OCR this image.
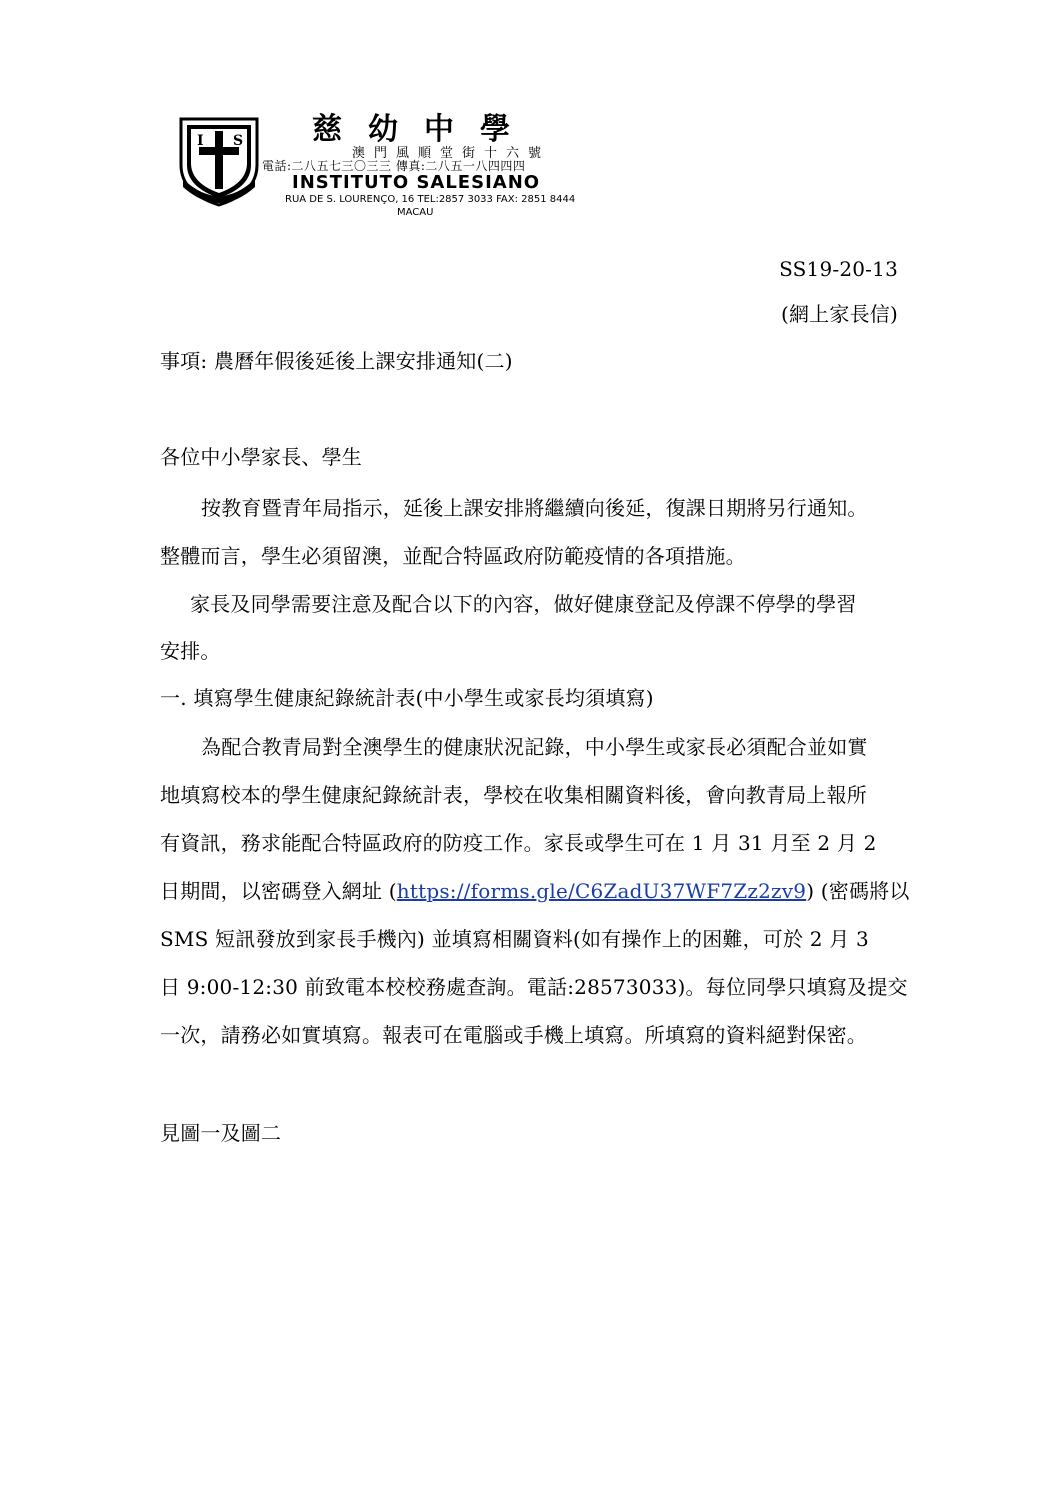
I S 慈幼中學
澳門風順堂街十六號
電話:二八五七三〇三三 傳真:二八五一八四四四
INSTITUTO SALESIANO
RUA DE S. LOURENÇO, 16 TEL:2857 3033 FAX: 2851 8444
MACAU
SS19-20-13
(網上家長信)
事項: 農曆年假後延後上課安排通知(二)
各位中小學家長、學生
按教育暨青年局指示，延後上課安排將繼續向後延，復課日期將另行通知。
整體而言，學生必須留澳，並配合特區政府防範疫情的各項措施。
家長及同學需要注意及配合以下的內容，做好健康登記及停課不停學的學習
安排。
一. 填寫學生健康紀錄統計表(中小學生或家長均須填寫)
為配合教青局對全澳學生的健康狀況記錄，中小學生或家長必須配合並如實
地填寫校本的學生健康紀錄統計表，學校在收集相關資料後，會向教青局上報所
有資訊，務求能配合特區政府的防疫工作。家長或學生可在 1 月 31 月至 2 月 2
日期間，以密碼登入網址 (https://forms.gle/C6ZadU37WF7Zz2zv9) (密碼將以
SMS 短訊發放到家長手機內) 並填寫相關資料(如有操作上的困難，可於 2 月 3
日 9:00-12:30 前致電本校校務處查詢。電話:28573033)。每位同學只填寫及提交
一次，請務必如實填寫。報表可在電腦或手機上填寫。所填寫的資料絕對保密。
見圖一及圖二
